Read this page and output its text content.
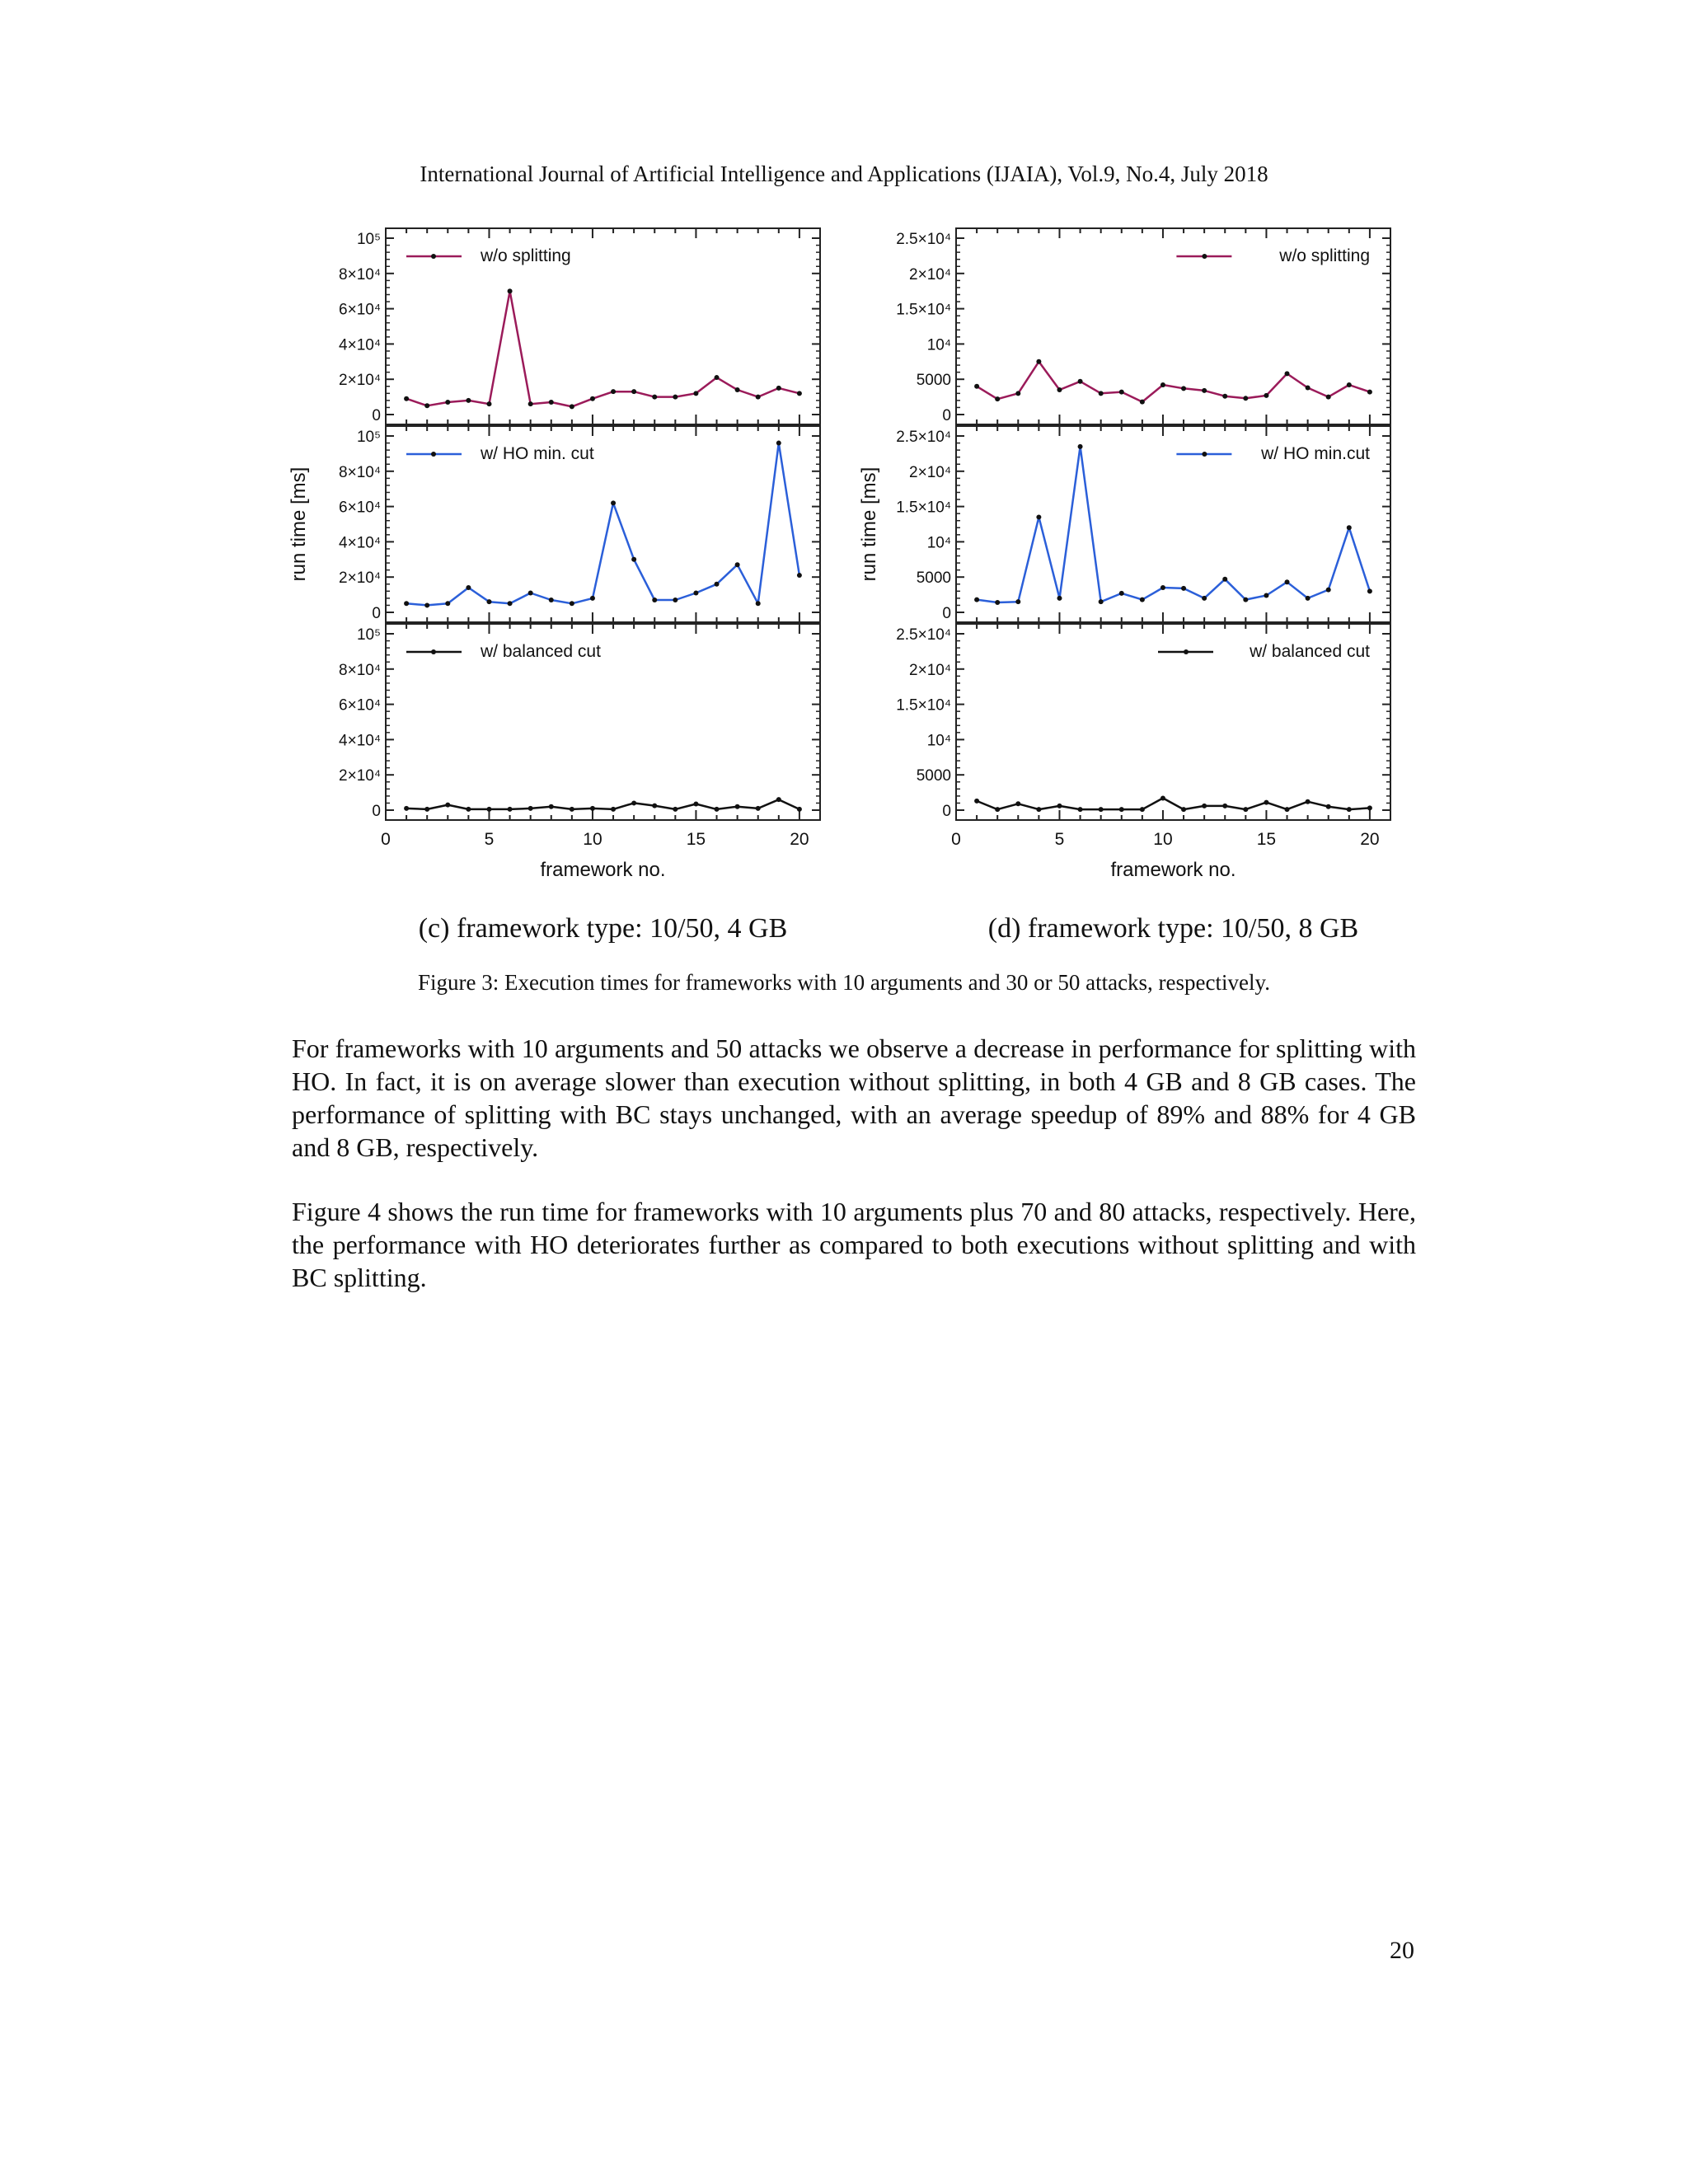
International Journal of Artificial Intelligence and Applications (IJAIA), Vol.9, No.4, July 2018
0
2×10⁴
4×10⁴
6×10⁴
8×10⁴
10⁵
w/o splitting
0
2×10⁴
4×10⁴
6×10⁴
8×10⁴
10⁵
w/ HO min. cut
0
2×10⁴
4×10⁴
6×10⁴
8×10⁴
10⁵
w/ balanced cut
0	5	10	15	20
framework no.
run time [ms]
(c) framework type: 10/50, 4 GB
0
5000
10⁴
1.5×10⁴
2×10⁴
2.5×10⁴
w/o splitting
0
5000
10⁴
1.5×10⁴
2×10⁴
2.5×10⁴
w/ HO min.cut
0
5000
10⁴
1.5×10⁴
2×10⁴
2.5×10⁴
w/ balanced cut
0	5	10	15	20
framework no.
run time [ms]
(d) framework type: 10/50, 8 GB
Figure 3: Execution times for frameworks with 10 arguments and 30 or 50 attacks, respectively.
For frameworks with 10 arguments and 50 attacks we observe a decrease in performance for splitting with HO. In fact, it is on average slower than execution without splitting, in both 4 GB and 8 GB cases. The performance of splitting with BC stays unchanged, with an average speedup of 89% and 88% for 4 GB and 8 GB, respectively.
Figure 4 shows the run time for frameworks with 10 arguments plus 70 and 80 attacks, respectively. Here, the performance with HO deteriorates further as compared to both executions without splitting and with BC splitting.
20
